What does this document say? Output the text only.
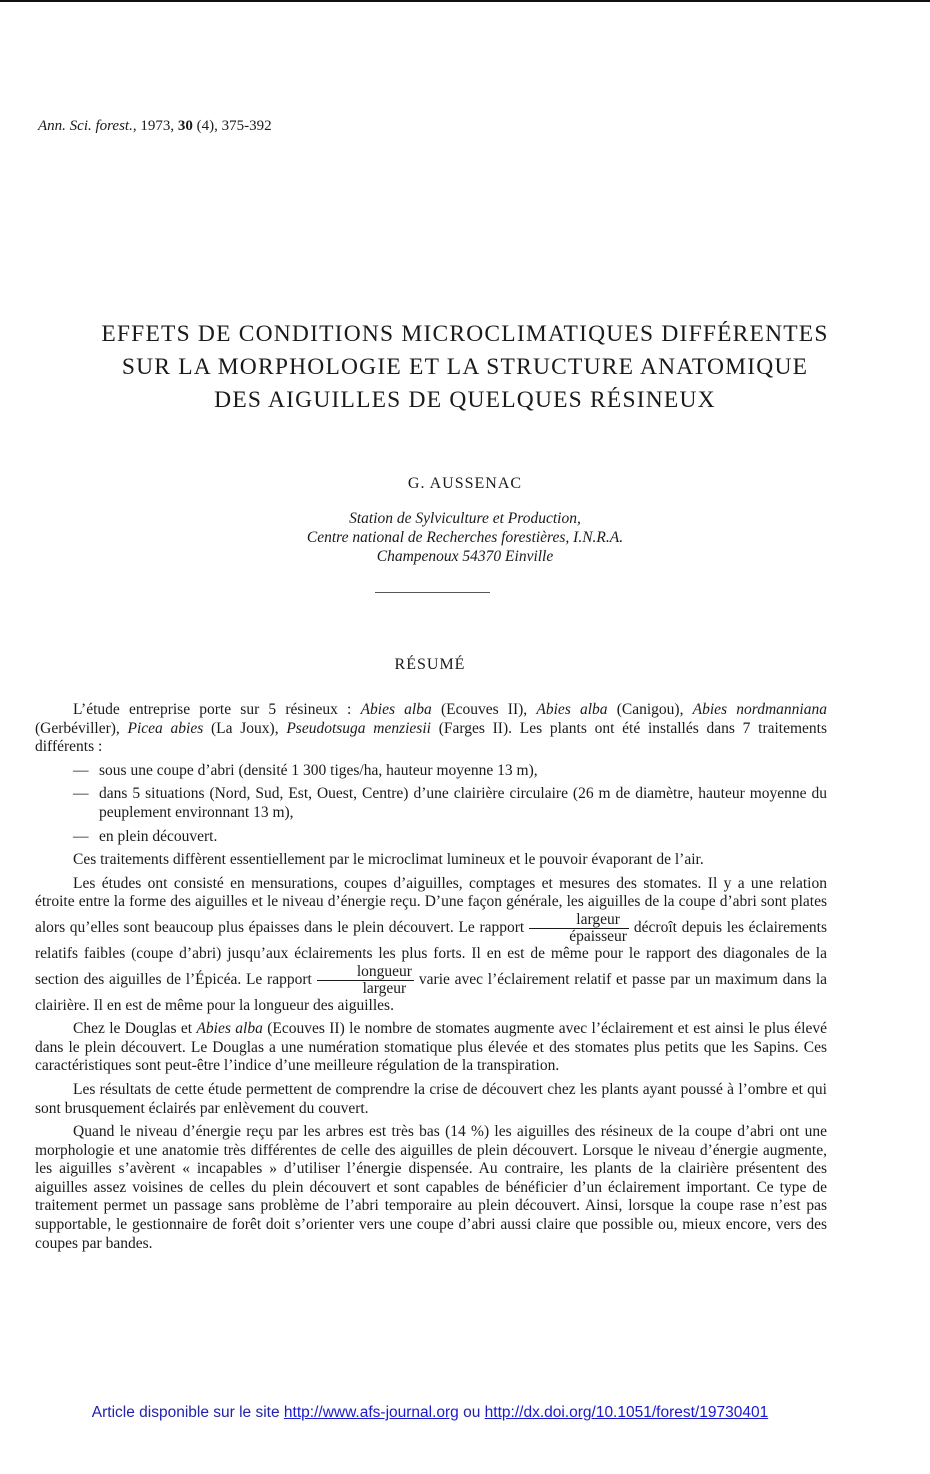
Ann. Sci. forest., 1973, 30 (4), 375-392
EFFETS DE CONDITIONS MICROCLIMATIQUES DIFFÉRENTES
SUR LA MORPHOLOGIE ET LA STRUCTURE ANATOMIQUE
DES AIGUILLES DE QUELQUES RÉSINEUX
G. AUSSENAC
Station de Sylviculture et Production,
Centre national de Recherches forestières, I.N.R.A.
Champenoux 54370 Einville
RÉSUMÉ

L’étude entreprise porte sur 5 résineux : Abies alba (Ecouves II), Abies alba (Canigou), Abies nordmanniana (Gerbéviller), Picea abies (La Joux), Pseudotsuga menziesii (Farges II). Les plants ont été installés dans 7 traitements différents :

— sous une coupe d’abri (densité 1 300 tiges/ha, hauteur moyenne 13 m),

— dans 5 situations (Nord, Sud, Est, Ouest, Centre) d’une clairière circulaire (26 m de diamètre, hauteur moyenne du peuplement environnant 13 m),

— en plein découvert.

Ces traitements diffèrent essentiellement par le microclimat lumineux et le pouvoir évaporant de l’air.

Les études ont consisté en mensurations, coupes d’aiguilles, comptages et mesures des stomates. Il y a une relation étroite entre la forme des aiguilles et le niveau d’énergie reçu. D’une façon générale, les aiguilles de la coupe d’abri sont plates alors qu’elles sont beaucoup plus épaisses dans le plein découvert. Le rapport $\frac{\text{largeur}}{\text{épaisseur}}$ décroît depuis les éclairements relatifs faibles (coupe d’abri) jusqu’aux éclairements les plus forts. Il en est de même pour le rapport des diagonales de la section des aiguilles de l’Épicéa. Le rapport $\frac{\text{longueur}}{\text{largeur}}$ varie avec l’éclairement relatif et passe par un maximum dans la clairière. Il en est de même pour la longueur des aiguilles.

Chez le Douglas et Abies alba (Ecouves II) le nombre de stomates augmente avec l’éclairement et est ainsi le plus élevé dans le plein découvert. Le Douglas a une numération stomatique plus élevée et des stomates plus petits que les Sapins. Ces caractéristiques sont peut-être l’indice d’une meilleure régulation de la transpiration.

Les résultats de cette étude permettent de comprendre la crise de découvert chez les plants ayant poussé à l’ombre et qui sont brusquement éclairés par enlèvement du couvert.

Quand le niveau d’énergie reçu par les arbres est très bas (14 %) les aiguilles des résineux de la coupe d’abri ont une morphologie et une anatomie très différentes de celle des aiguilles de plein découvert. Lorsque le niveau d’énergie augmente, les aiguilles s’avèrent « incapables » d’utiliser l’énergie dispensée. Au contraire, les plants de la clairière présentent des aiguilles assez voisines de celles du plein découvert et sont capables de bénéficier d’un éclairement important. Ce type de traitement permet un passage sans problème de l’abri temporaire au plein découvert. Ainsi, lorsque la coupe rase n’est pas supportable, le gestionnaire de forêt doit s’orienter vers une coupe d’abri aussi claire que possible ou, mieux encore, vers des coupes par bandes.

Article disponible sur le site http://www.afs-journal.org ou http://dx.doi.org/10.1051/forest/19730401
